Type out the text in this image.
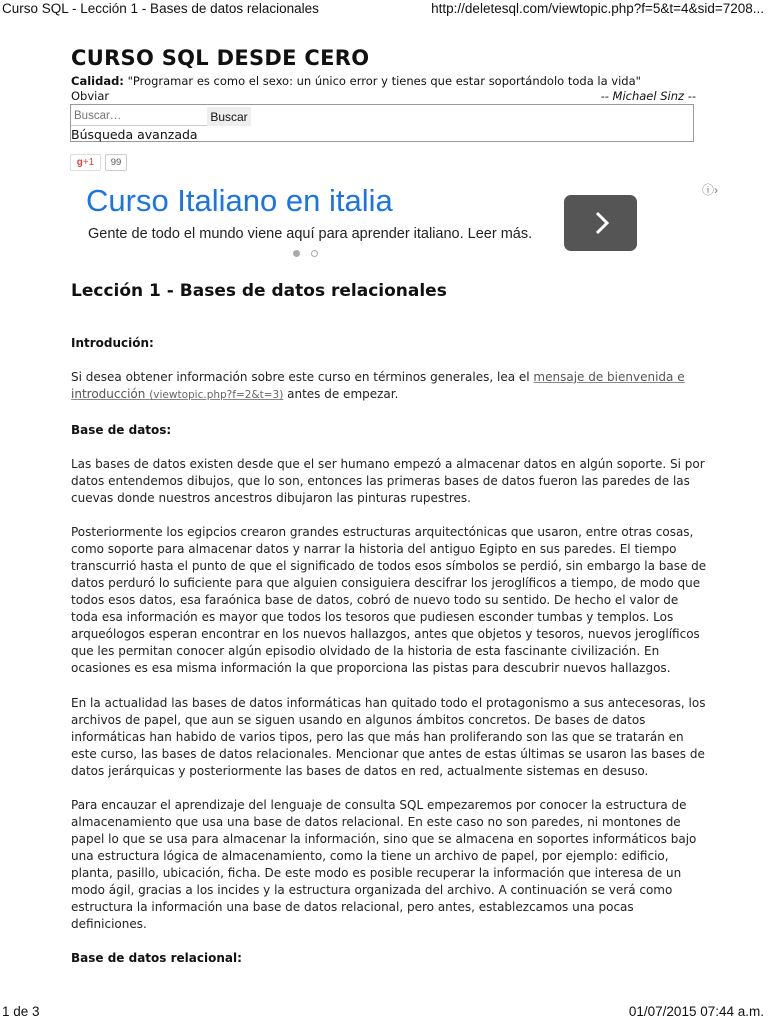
Curso SQL - Lección 1 - Bases de datos relacionales	http://deletesql.com/viewtopic.php?f=5&t=4&sid=7208...
CURSO SQL DESDE CERO
Calidad: "Programar es como el sexo: un único error y tienes que estar soportándolo toda la vida"
Obviar	-- Michael Sinz --
Buscar…
Buscar
Búsqueda avanzada
g+1	99
Curso Italiano en italia
Gente de todo el mundo viene aquí para aprender italiano. Leer más.
ⓘ›
Lección 1 - Bases de datos relacionales
Introdución:
Si desea obtener información sobre este curso en términos generales, lea el mensaje de bienvenida e
introducción (viewtopic.php?f=2&t=3) antes de empezar.
Base de datos:
Las bases de datos existen desde que el ser humano empezó a almacenar datos en algún soporte. Si por
datos entendemos dibujos, que lo son, entonces las primeras bases de datos fueron las paredes de las
cuevas donde nuestros ancestros dibujaron las pinturas rupestres.
Posteriormente los egipcios crearon grandes estructuras arquitectónicas que usaron, entre otras cosas,
como soporte para almacenar datos y narrar la historia del antiguo Egipto en sus paredes. El tiempo
transcurrió hasta el punto de que el significado de todos esos símbolos se perdió, sin embargo la base de
datos perduró lo suficiente para que alguien consiguiera descifrar los jeroglíficos a tiempo, de modo que
todos esos datos, esa faraónica base de datos, cobró de nuevo todo su sentido. De hecho el valor de
toda esa información es mayor que todos los tesoros que pudiesen esconder tumbas y templos. Los
arqueólogos esperan encontrar en los nuevos hallazgos, antes que objetos y tesoros, nuevos jeroglíficos
que les permitan conocer algún episodio olvidado de la historia de esta fascinante civilización. En
ocasiones es esa misma información la que proporciona las pistas para descubrir nuevos hallazgos.
En la actualidad las bases de datos informáticas han quitado todo el protagonismo a sus antecesoras, los
archivos de papel, que aun se siguen usando en algunos ámbitos concretos. De bases de datos
informáticas han habido de varios tipos, pero las que más han proliferando son las que se tratarán en
este curso, las bases de datos relacionales. Mencionar que antes de estas últimas se usaron las bases de
datos jerárquicas y posteriormente las bases de datos en red, actualmente sistemas en desuso.
Para encauzar el aprendizaje del lenguaje de consulta SQL empezaremos por conocer la estructura de
almacenamiento que usa una base de datos relacional. En este caso no son paredes, ni montones de
papel lo que se usa para almacenar la información, sino que se almacena en soportes informáticos bajo
una estructura lógica de almacenamiento, como la tiene un archivo de papel, por ejemplo: edificio,
planta, pasillo, ubicación, ficha. De este modo es posible recuperar la información que interesa de un
modo ágil, gracias a los incides y la estructura organizada del archivo. A continuación se verá como
estructura la información una base de datos relacional, pero antes, establezcamos una pocas
definiciones.
Base de datos relacional:
1 de 3	01/07/2015 07:44 a.m.
